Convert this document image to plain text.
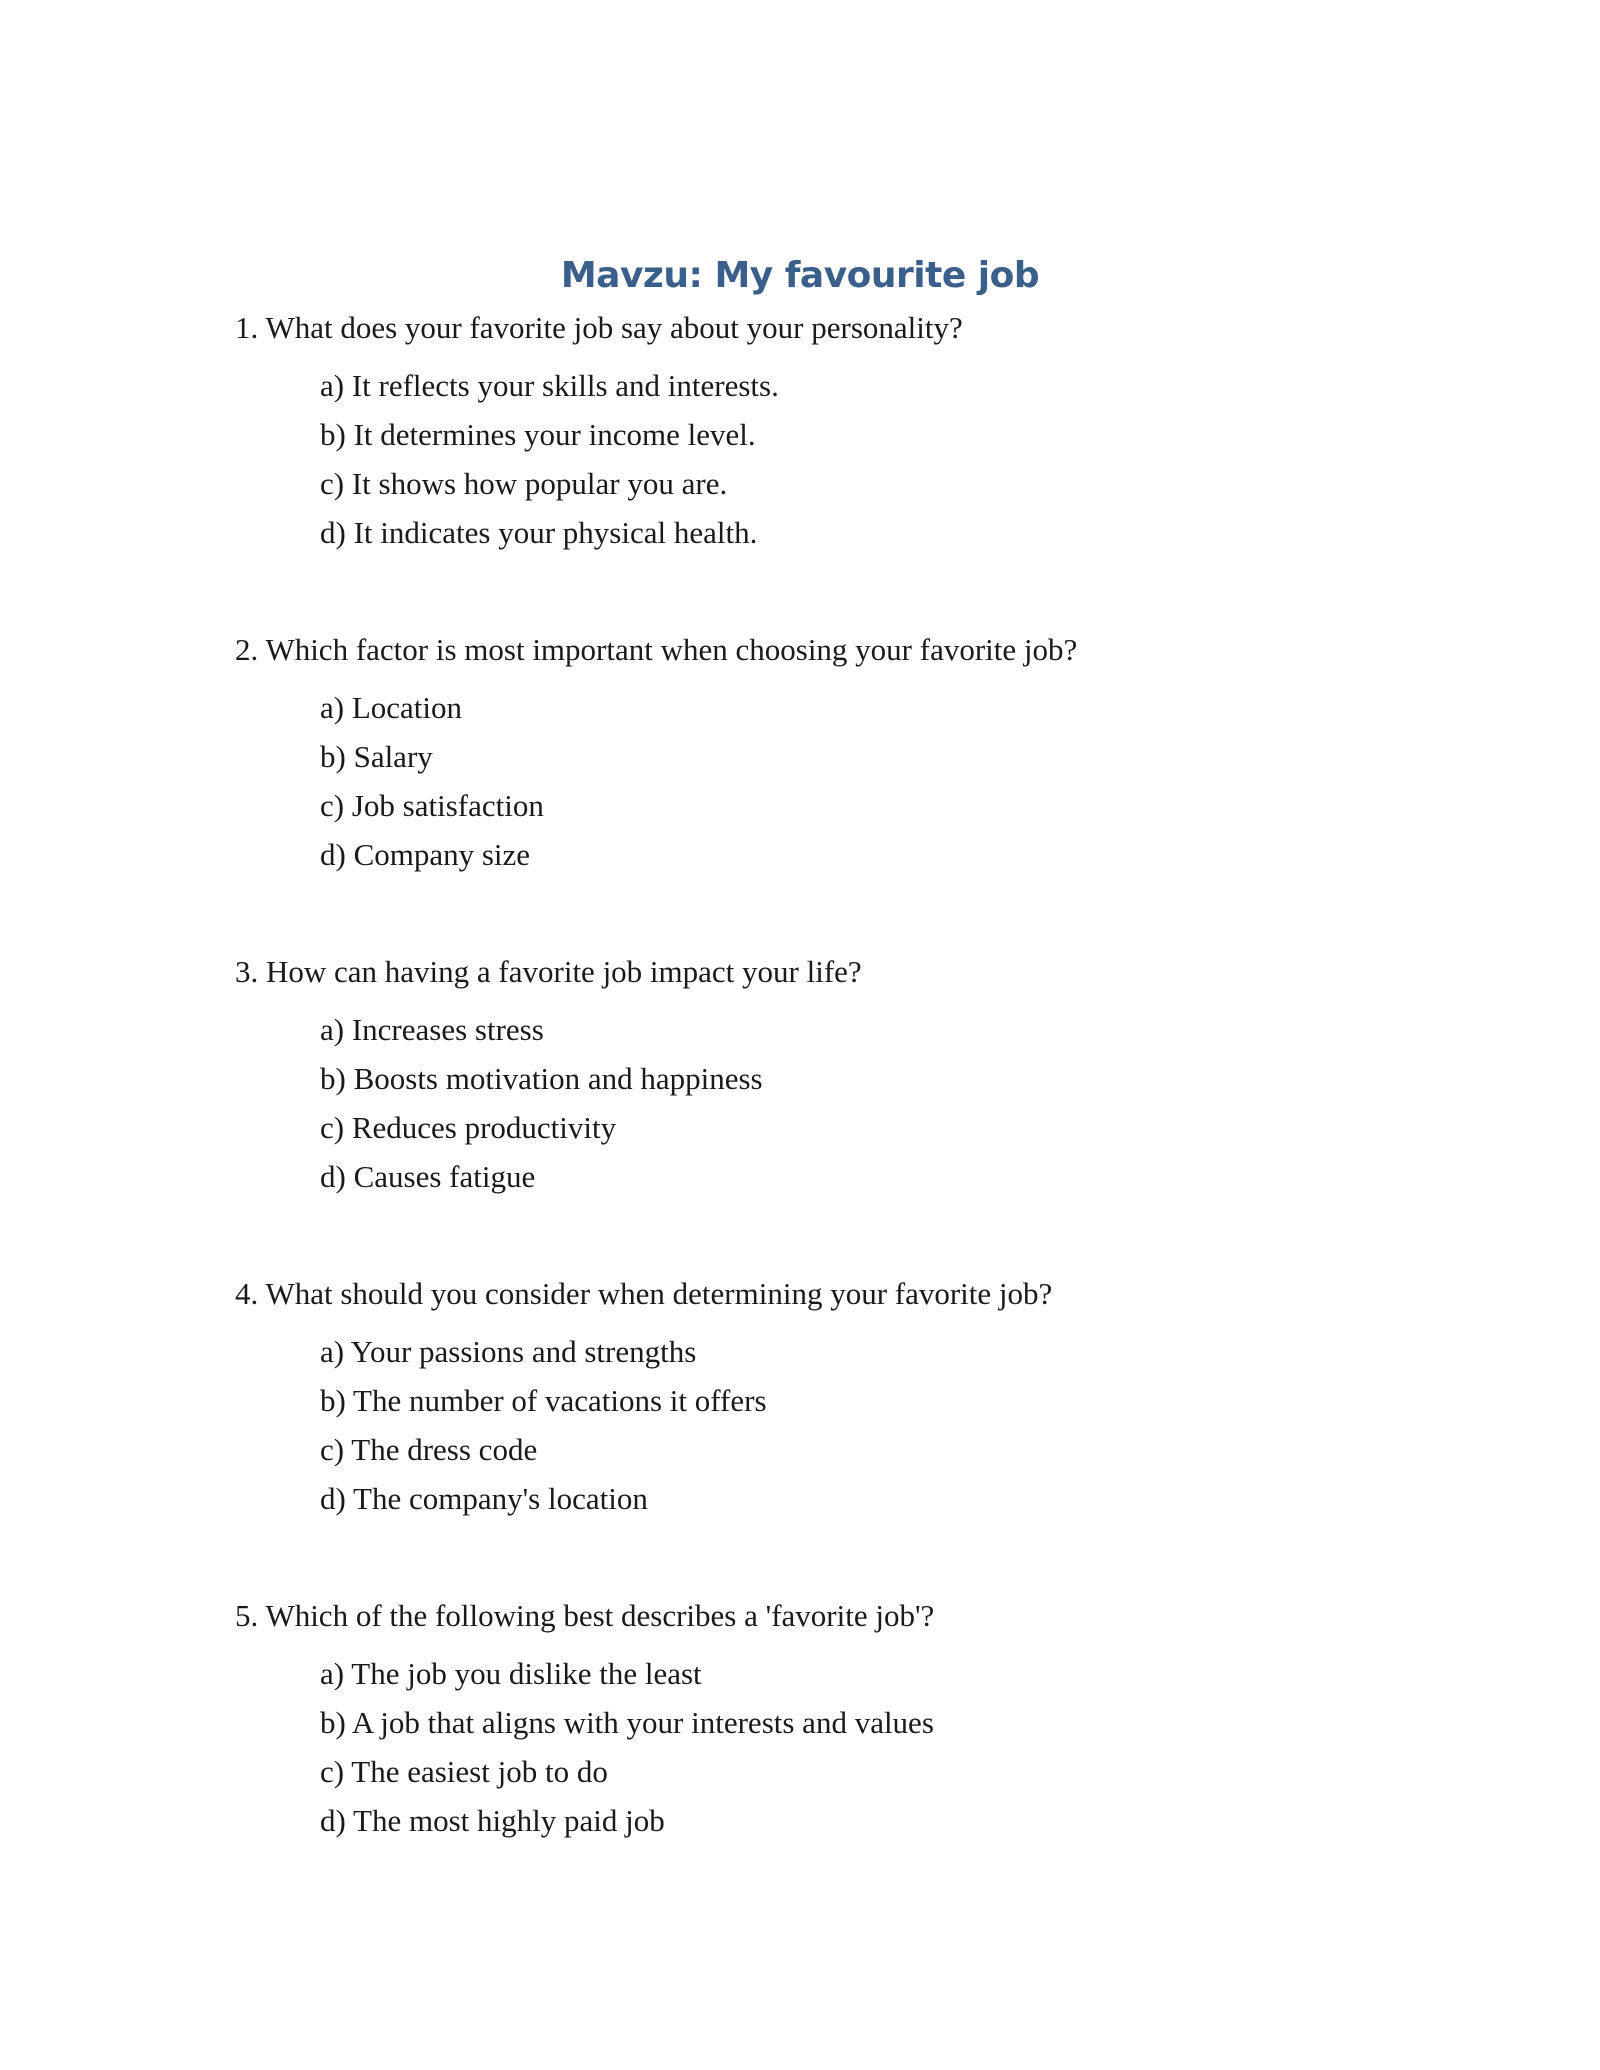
Mavzu: My favourite job

1. What does your favorite job say about your personality?

a) It reflects your skills and interests.
b) It determines your income level.
c) It shows how popular you are.
d) It indicates your physical health.

2. Which factor is most important when choosing your favorite job?

a) Location
b) Salary
c) Job satisfaction
d) Company size

3. How can having a favorite job impact your life?

a) Increases stress
b) Boosts motivation and happiness
c) Reduces productivity
d) Causes fatigue

4. What should you consider when determining your favorite job?

a) Your passions and strengths
b) The number of vacations it offers
c) The dress code
d) The company's location

5. Which of the following best describes a 'favorite job'?

a) The job you dislike the least
b) A job that aligns with your interests and values
c) The easiest job to do
d) The most highly paid job
